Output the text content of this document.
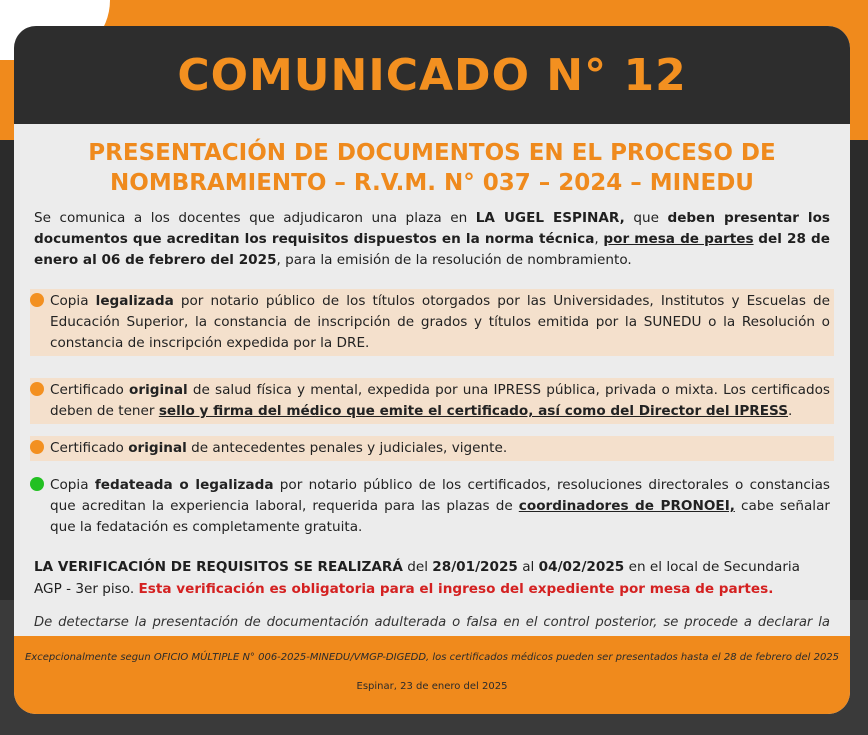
COMUNICADO N° 12
PRESENTACIÓN DE DOCUMENTOS EN EL PROCESO DE
NOMBRAMIENTO – R.V.M. N° 037 – 2024 – MINEDU

Se comunica a los docentes que adjudicaron una plaza en LA UGEL ESPINAR, que deben presentar los documentos que acreditan los requisitos dispuestos en la norma técnica, por mesa de partes del 28 de enero al 06 de febrero del 2025, para la emisión de la resolución de nombramiento.

Copia legalizada por notario público de los títulos otorgados por las Universidades, Institutos y Escuelas de Educación Superior, la constancia de inscripción de grados y títulos emitida por la SUNEDU o la Resolución o constancia de inscripción expedida por la DRE.
Certificado original de salud física y mental, expedida por una IPRESS pública, privada o mixta. Los certificados deben de tener sello y firma del médico que emite el certificado, así como del Director del IPRESS.
Certificado original de antecedentes penales y judiciales, vigente.
Copia fedateada o legalizada por notario público de los certificados, resoluciones directorales o constancias que acreditan la experiencia laboral, requerida para las plazas de coordinadores de PRONOEI, cabe señalar que la fedatación es completamente gratuita.

LA VERIFICACIÓN DE REQUISITOS SE REALIZARÁ del 28/01/2025 al 04/02/2025 en el local de Secundaria AGP - 3er piso. Esta verificación es obligatoria para el ingreso del expediente por mesa de partes.

De detectarse la presentación de documentación adulterada o falsa en el control posterior, se procede a declarar la

Excepcionalmente segun OFICIO MÚLTIPLE N° 006-2025-MINEDU/VMGP-DIGEDD, los certificados médicos pueden ser presentados hasta el 28 de febrero del 2025
Espinar, 23 de enero del 2025
